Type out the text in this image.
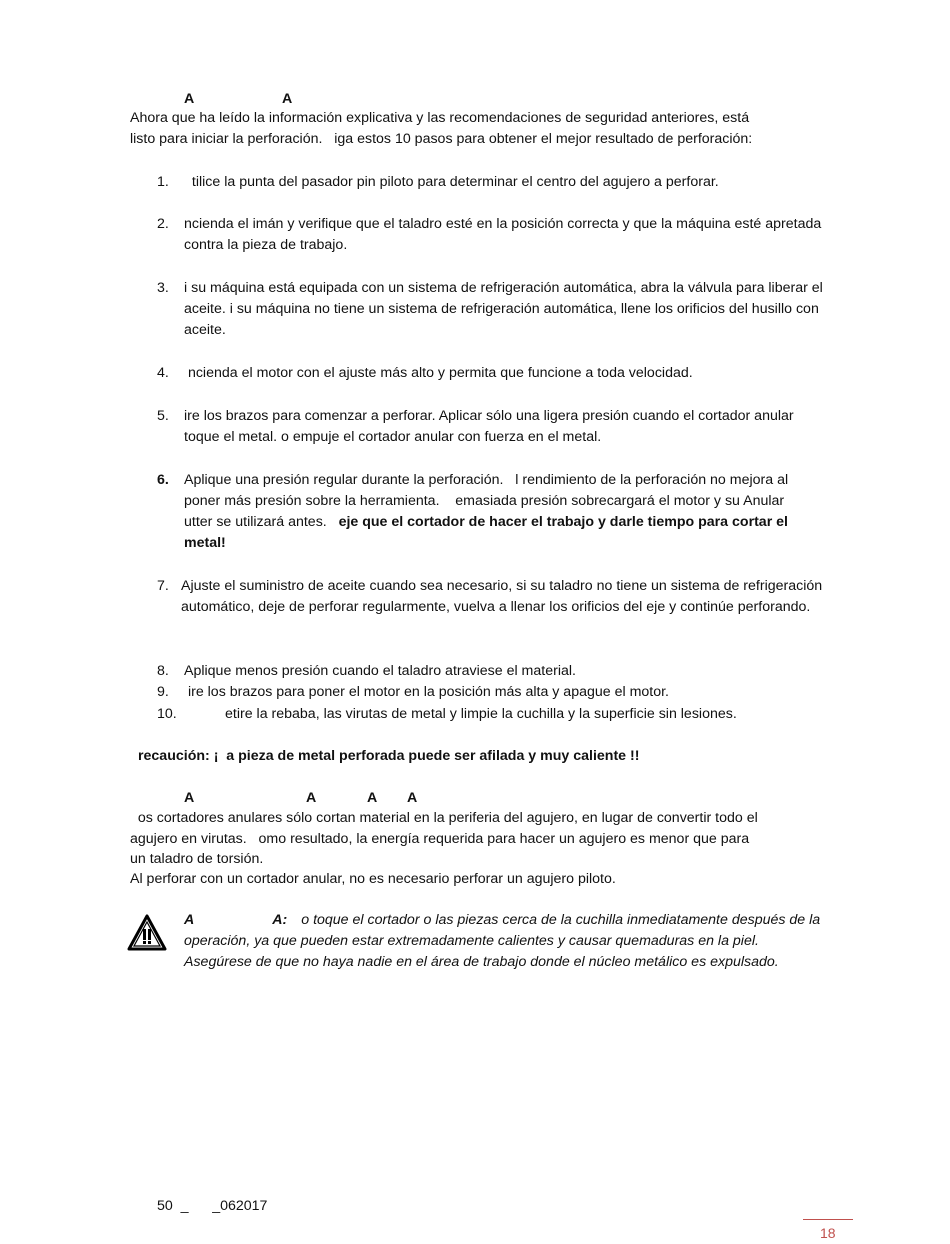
A	A
Ahora que ha leído la información explicativa y las recomendaciones de seguridad anteriores, está
listo para iniciar la perforación.   iga estos 10 pasos para obtener el mejor resultado de perforación:
1. tilice la punta del pasador pin piloto para determinar el centro del agujero a perforar.
2. ncienda el imán y verifique que el taladro esté en la posición correcta y que la máquina esté apretada contra la pieza de trabajo.
3. i su máquina está equipada con un sistema de refrigeración automática, abra la válvula para liberar el aceite. i su máquina no tiene un sistema de refrigeración automática, llene los orificios del husillo con aceite.
4. ncienda el motor con el ajuste más alto y permita que funcione a toda velocidad.
5. ire los brazos para comenzar a perforar. Aplicar sólo una ligera presión cuando el cortador anular toque el metal. o empuje el cortador anular con fuerza en el metal.
6. Aplique una presión regular durante la perforación.   l rendimiento de la perforación no mejora al poner más presión sobre la herramienta.    emasiada presión sobrecargará el motor y su Anular   utter se utilizará antes.   eje que el cortador de hacer el trabajo y darle tiempo para cortar el metal!
7. Ajuste el suministro de aceite cuando sea necesario, si su taladro no tiene un sistema de refrigeración automático, deje de perforar regularmente, vuelva a llenar los orificios del eje y continúe perforando.
8. Aplique menos presión cuando el taladro atraviese el material.
9. ire los brazos para poner el motor en la posición más alta y apague el motor.
10.	etire la rebaba, las virutas de metal y limpie la cuchilla y la superficie sin lesiones.
recaución: ¡  a pieza de metal perforada puede ser afilada y muy caliente !!
A	A	A A
os cortadores anulares sólo cortan material en la periferia del agujero, en lugar de convertir todo el
agujero en virutas.   omo resultado, la energía requerida para hacer un agujero es menor que para
un taladro de torsión.
Al perforar con un cortador anular, no es necesario perforar un agujero piloto.
A	A: o toque el cortador o las piezas cerca de la cuchilla inmediatamente después de la operación, ya que pueden estar extremadamente calientes y causar quemaduras en la piel. Asegúrese de que no haya nadie en el área de trabajo donde el núcleo metálico es expulsado.
50  _      _062017
18
